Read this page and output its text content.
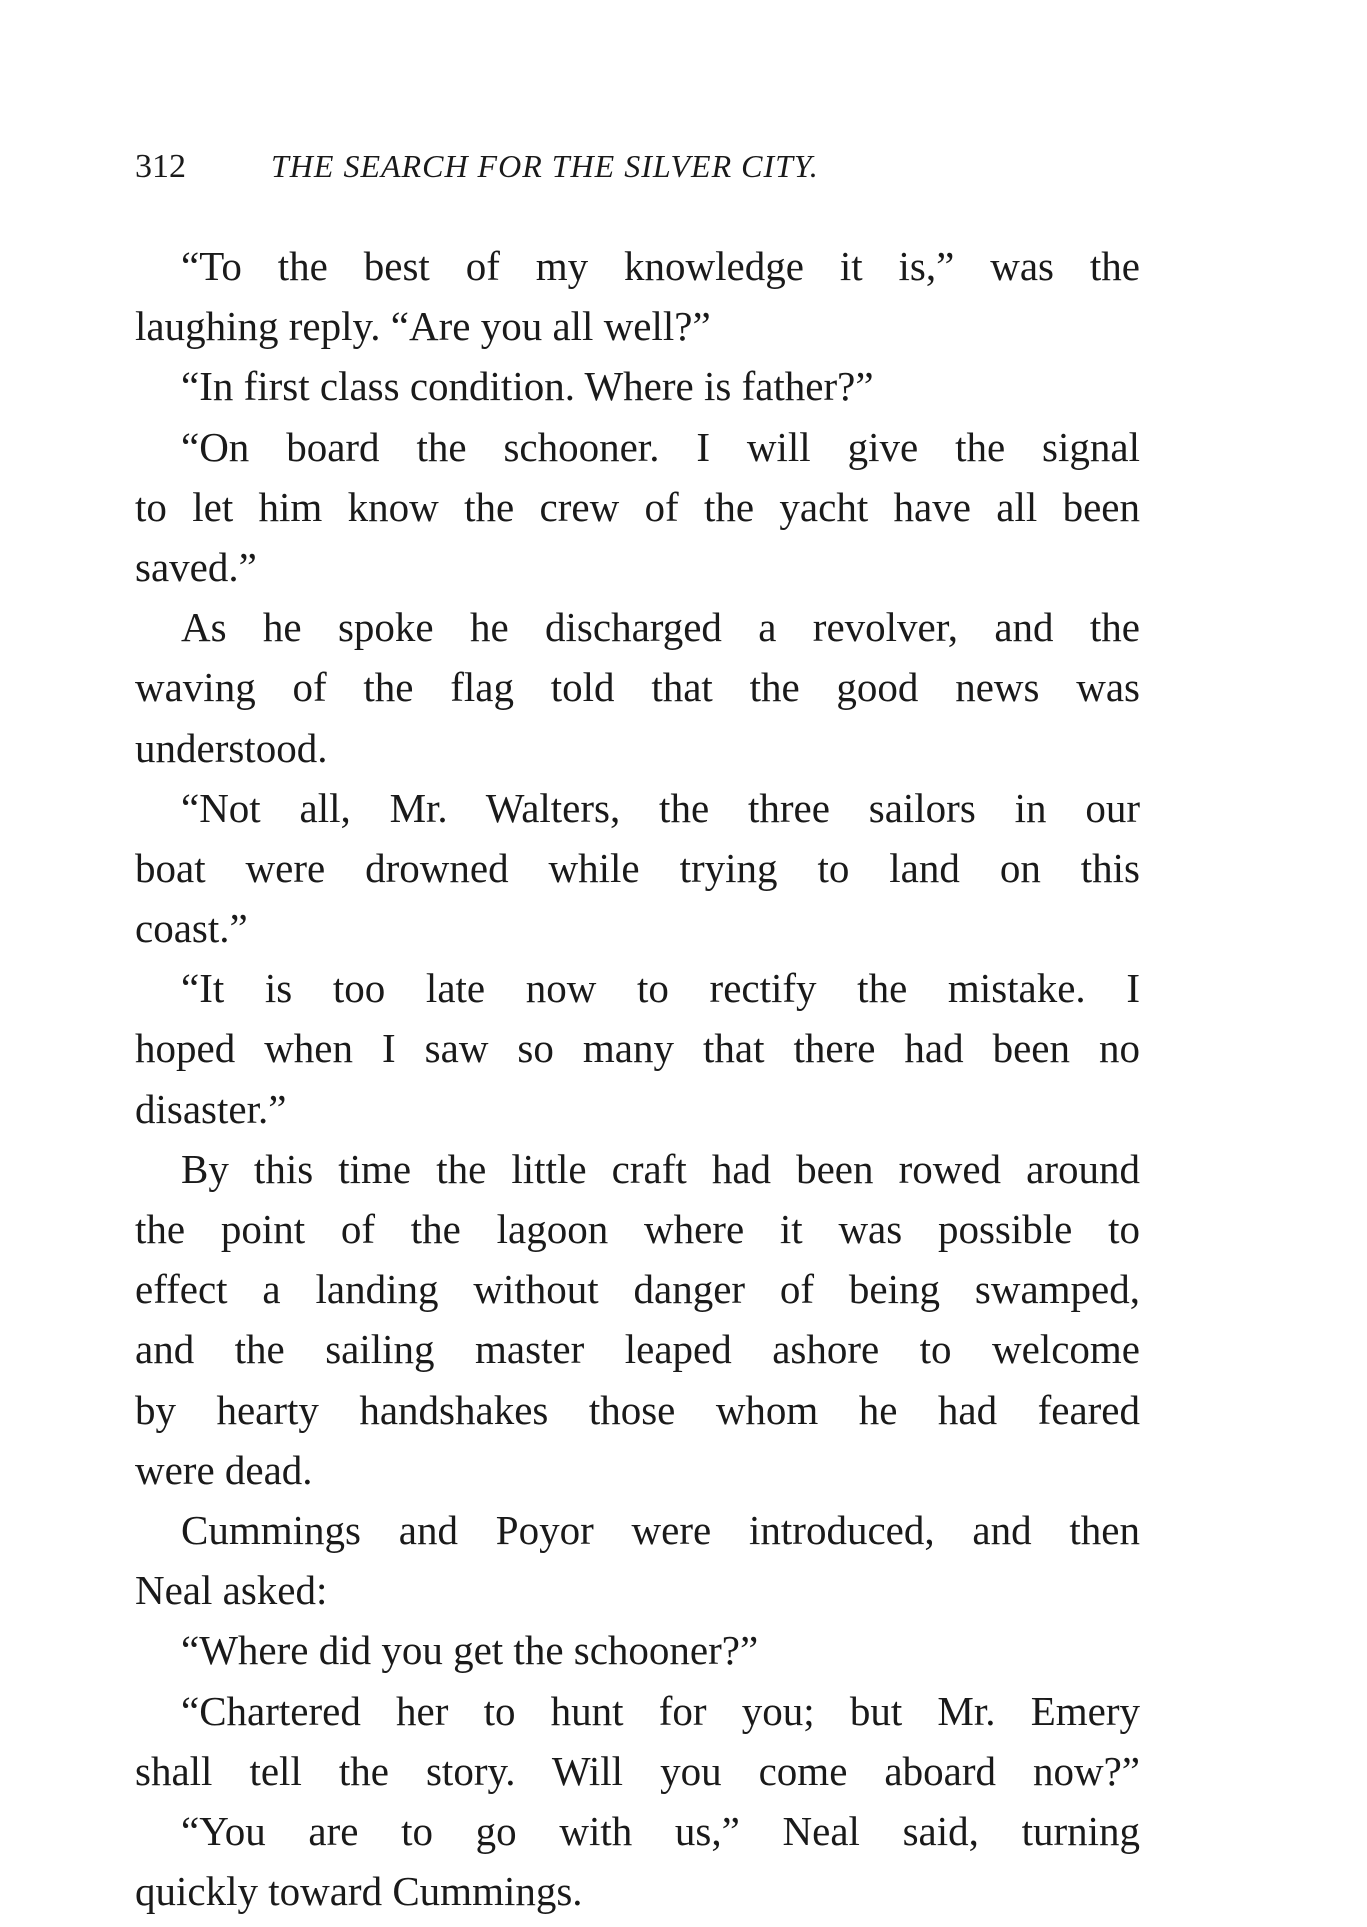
312	THE SEARCH FOR THE SILVER CITY.
“To the best of my knowledge it is,” was the
laughing reply. “Are you all well?”
“In first class condition. Where is father?”
“On board the schooner. I will give the signal
to let him know the crew of the yacht have all been
saved.”
As he spoke he discharged a revolver, and the
waving of the flag told that the good news was
understood.
“Not all, Mr. Walters, the three sailors in our
boat were drowned while trying to land on this
coast.”
“It is too late now to rectify the mistake. I
hoped when I saw so many that there had been no
disaster.”
By this time the little craft had been rowed around
the point of the lagoon where it was possible to
effect a landing without danger of being swamped,
and the sailing master leaped ashore to welcome
by hearty handshakes those whom he had feared
were dead.
Cummings and Poyor were introduced, and then
Neal asked:
“Where did you get the schooner?”
“Chartered her to hunt for you; but Mr. Emery
shall tell the story. Will you come aboard now?”
“You are to go with us,” Neal said, turning
quickly toward Cummings.
